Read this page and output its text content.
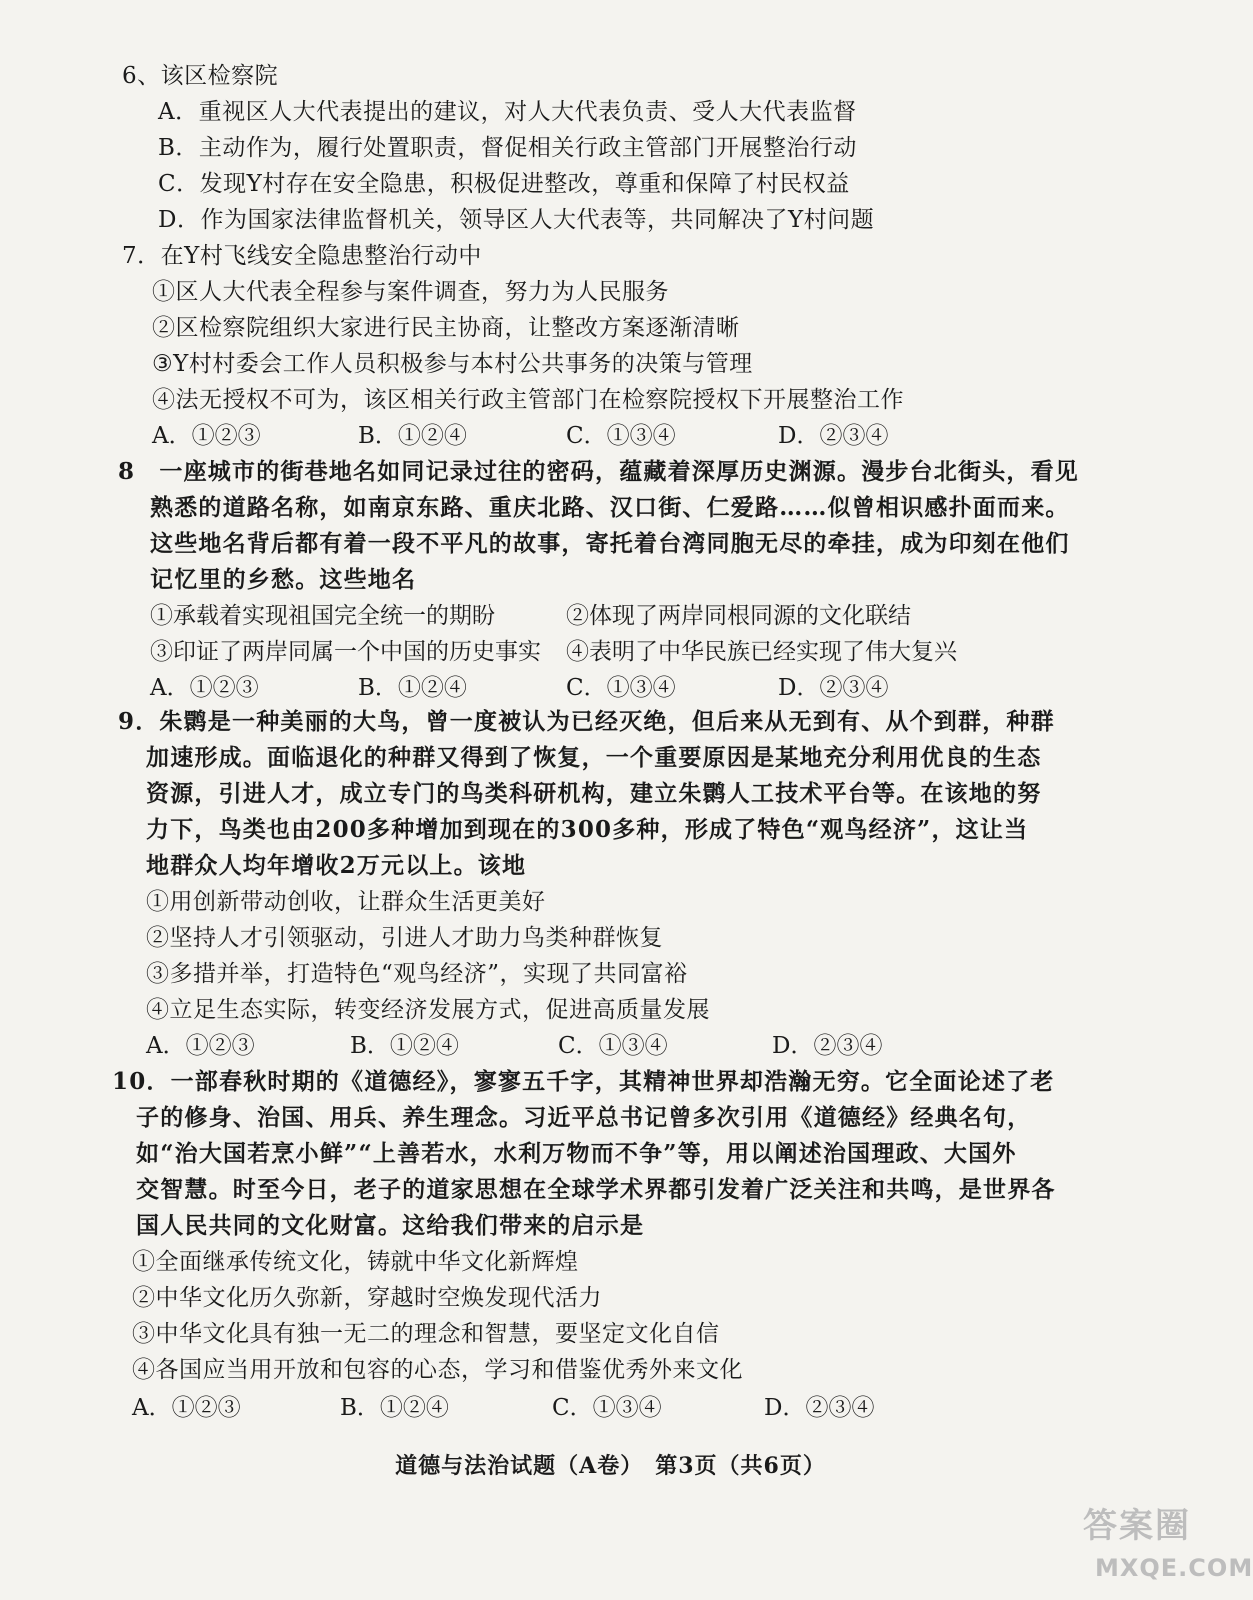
6、该区检察院
A．重视区人大代表提出的建议，对人大代表负责、受人大代表监督
B．主动作为，履行处置职责，督促相关行政主管部门开展整治行动
C．发现Y村存在安全隐患，积极促进整改，尊重和保障了村民权益
D．作为国家法律监督机关，领导区人大代表等，共同解决了Y村问题
7．在Y村飞线安全隐患整治行动中
①区人大代表全程参与案件调查，努力为人民服务
②区检察院组织大家进行民主协商，让整改方案逐渐清晰
③Y村村委会工作人员积极参与本村公共事务的决策与管理
④法无授权不可为，该区相关行政主管部门在检察院授权下开展整治工作
A．①②③	B．①②④	C．①③④	D．②③④
8　一座城市的街巷地名如同记录过往的密码，蕴藏着深厚历史渊源。漫步台北街头，看见
熟悉的道路名称，如南京东路、重庆北路、汉口街、仁爱路……似曾相识感扑面而来。
这些地名背后都有着一段不平凡的故事，寄托着台湾同胞无尽的牵挂，成为印刻在他们
记忆里的乡愁。这些地名
①承载着实现祖国完全统一的期盼	②体现了两岸同根同源的文化联结
③印证了两岸同属一个中国的历史事实 ④表明了中华民族已经实现了伟大复兴
A．①②③	B．①②④	C．①③④	D．②③④
9．朱鹮是一种美丽的大鸟，曾一度被认为已经灭绝，但后来从无到有、从个到群，种群
加速形成。面临退化的种群又得到了恢复，一个重要原因是某地充分利用优良的生态
资源，引进人才，成立专门的鸟类科研机构，建立朱鹮人工技术平台等。在该地的努
力下，鸟类也由200多种增加到现在的300多种，形成了特色“观鸟经济”，这让当
地群众人均年增收2万元以上。该地
①用创新带动创收，让群众生活更美好
②坚持人才引领驱动，引进人才助力鸟类种群恢复
③多措并举，打造特色“观鸟经济”，实现了共同富裕
④立足生态实际，转变经济发展方式，促进高质量发展
A．①②③	B．①②④	C．①③④	D．②③④
10．一部春秋时期的《道德经》，寥寥五千字，其精神世界却浩瀚无穷。它全面论述了老
子的修身、治国、用兵、养生理念。习近平总书记曾多次引用《道德经》经典名句，
如“治大国若烹小鲜”“上善若水，水利万物而不争”等，用以阐述治国理政、大国外
交智慧。时至今日，老子的道家思想在全球学术界都引发着广泛关注和共鸣，是世界各
国人民共同的文化财富。这给我们带来的启示是
①全面继承传统文化，铸就中华文化新辉煌
②中华文化历久弥新，穿越时空焕发现代活力
③中华文化具有独一无二的理念和智慧，要坚定文化自信
④各国应当用开放和包容的心态，学习和借鉴优秀外来文化
A．①②③	B．①②④	C．①③④	D．②③④
道德与法治试题（A卷）　第3页（共6页）
答案圈
MXQE.COM
